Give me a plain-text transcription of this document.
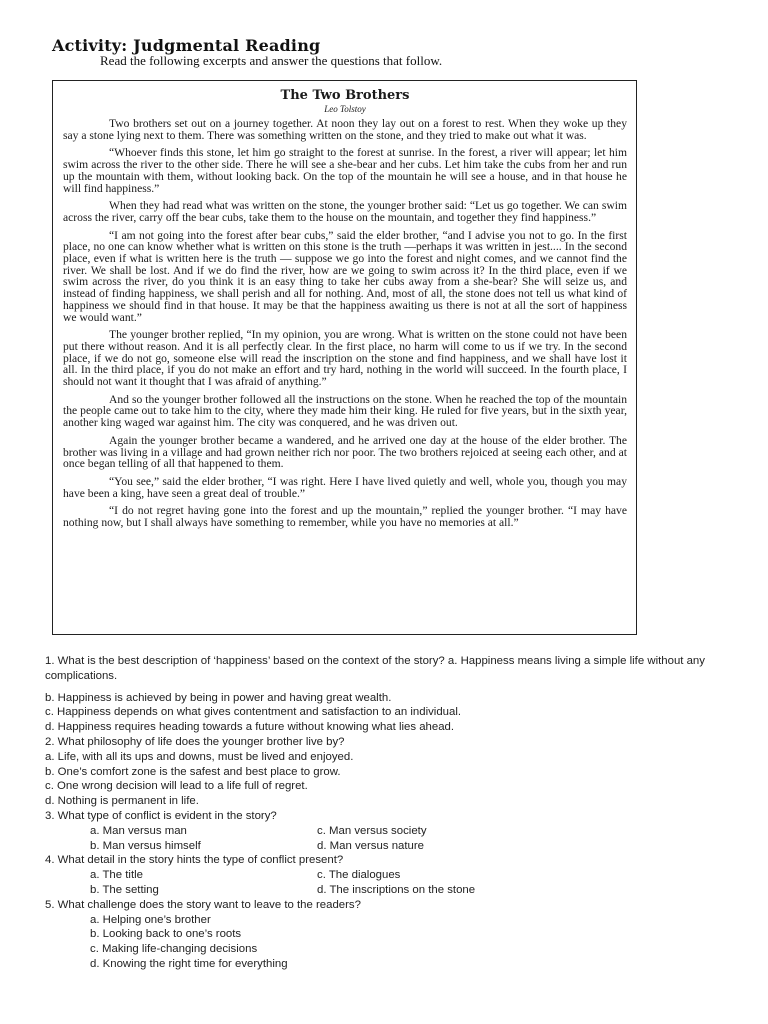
Activity: Judgmental Reading
Read the following excerpts and answer the questions that follow.
The Two Brothers
Leo Tolstoy

Two brothers set out on a journey together. At noon they lay out on a forest to rest. When they woke up they say a stone lying next to them. There was something written on the stone, and they tried to make out what it was.

“Whoever finds this stone, let him go straight to the forest at sunrise. In the forest, a river will appear; let him swim across the river to the other side. There he will see a she-bear and her cubs. Let him take the cubs from her and run up the mountain with them, without looking back. On the top of the mountain he will see a house, and in that house he will find happiness.”

When they had read what was written on the stone, the younger brother said: “Let us go together. We can swim across the river, carry off the bear cubs, take them to the house on the mountain, and together they find happiness.”

“I am not going into the forest after bear cubs,” said the elder brother, “and I advise you not to go. In the first place, no one can know whether what is written on this stone is the truth —perhaps it was written in jest.... In the second place, even if what is written here is the truth — suppose we go into the forest and night comes, and we cannot find the river. We shall be lost. And if we do find the river, how are we going to swim across it? In the third place, even if we swim across the river, do you think it is an easy thing to take her cubs away from a she-bear? She will seize us, and instead of finding happiness, we shall perish and all for nothing. And, most of all, the stone does not tell us what kind of happiness we should find in that house. It may be that the happiness awaiting us there is not at all the sort of happiness we would want.”

The younger brother replied, “In my opinion, you are wrong. What is written on the stone could not have been put there without reason. And it is all perfectly clear. In the first place, no harm will come to us if we try. In the second place, if we do not go, someone else will read the inscription on the stone and find happiness, and we shall have lost it all. In the third place, if you do not make an effort and try hard, nothing in the world will succeed. In the fourth place, I should not want it thought that I was afraid of anything.”

And so the younger brother followed all the instructions on the stone. When he reached the top of the mountain the people came out to take him to the city, where they made him their king. He ruled for five years, but in the sixth year, another king waged war against him. The city was conquered, and he was driven out.

Again the younger brother became a wandered, and he arrived one day at the house of the elder brother. The brother was living in a village and had grown neither rich nor poor. The two brothers rejoiced at seeing each other, and at once began telling of all that happened to them.

“You see,” said the elder brother, “I was right. Here I have lived quietly and well, whole you, though you may have been a king, have seen a great deal of trouble.”

“I do not regret having gone into the forest and up the mountain,” replied the younger brother. “I may have nothing now, but I shall always have something to remember, while you have no memories at all.”

1. What is the best description of ‘happiness’ based on the context of the story? a. Happiness means living a simple life without any complications.
b. Happiness is achieved by being in power and having great wealth.
c. Happiness depends on what gives contentment and satisfaction to an individual.
d. Happiness requires heading towards a future without knowing what lies ahead.
2. What philosophy of life does the younger brother live by?
a. Life, with all its ups and downs, must be lived and enjoyed.
b. One’s comfort zone is the safest and best place to grow.
c. One wrong decision will lead to a life full of regret.
d. Nothing is permanent in life.
3. What type of conflict is evident in the story?
a. Man versus man	c. Man versus society
b. Man versus himself	d. Man versus nature
4. What detail in the story hints the type of conflict present?
a. The title	c. The dialogues
b. The setting	d. The inscriptions on the stone
5. What challenge does the story want to leave to the readers?
a. Helping one’s brother
b. Looking back to one’s roots
c. Making life-changing decisions
d. Knowing the right time for everything
